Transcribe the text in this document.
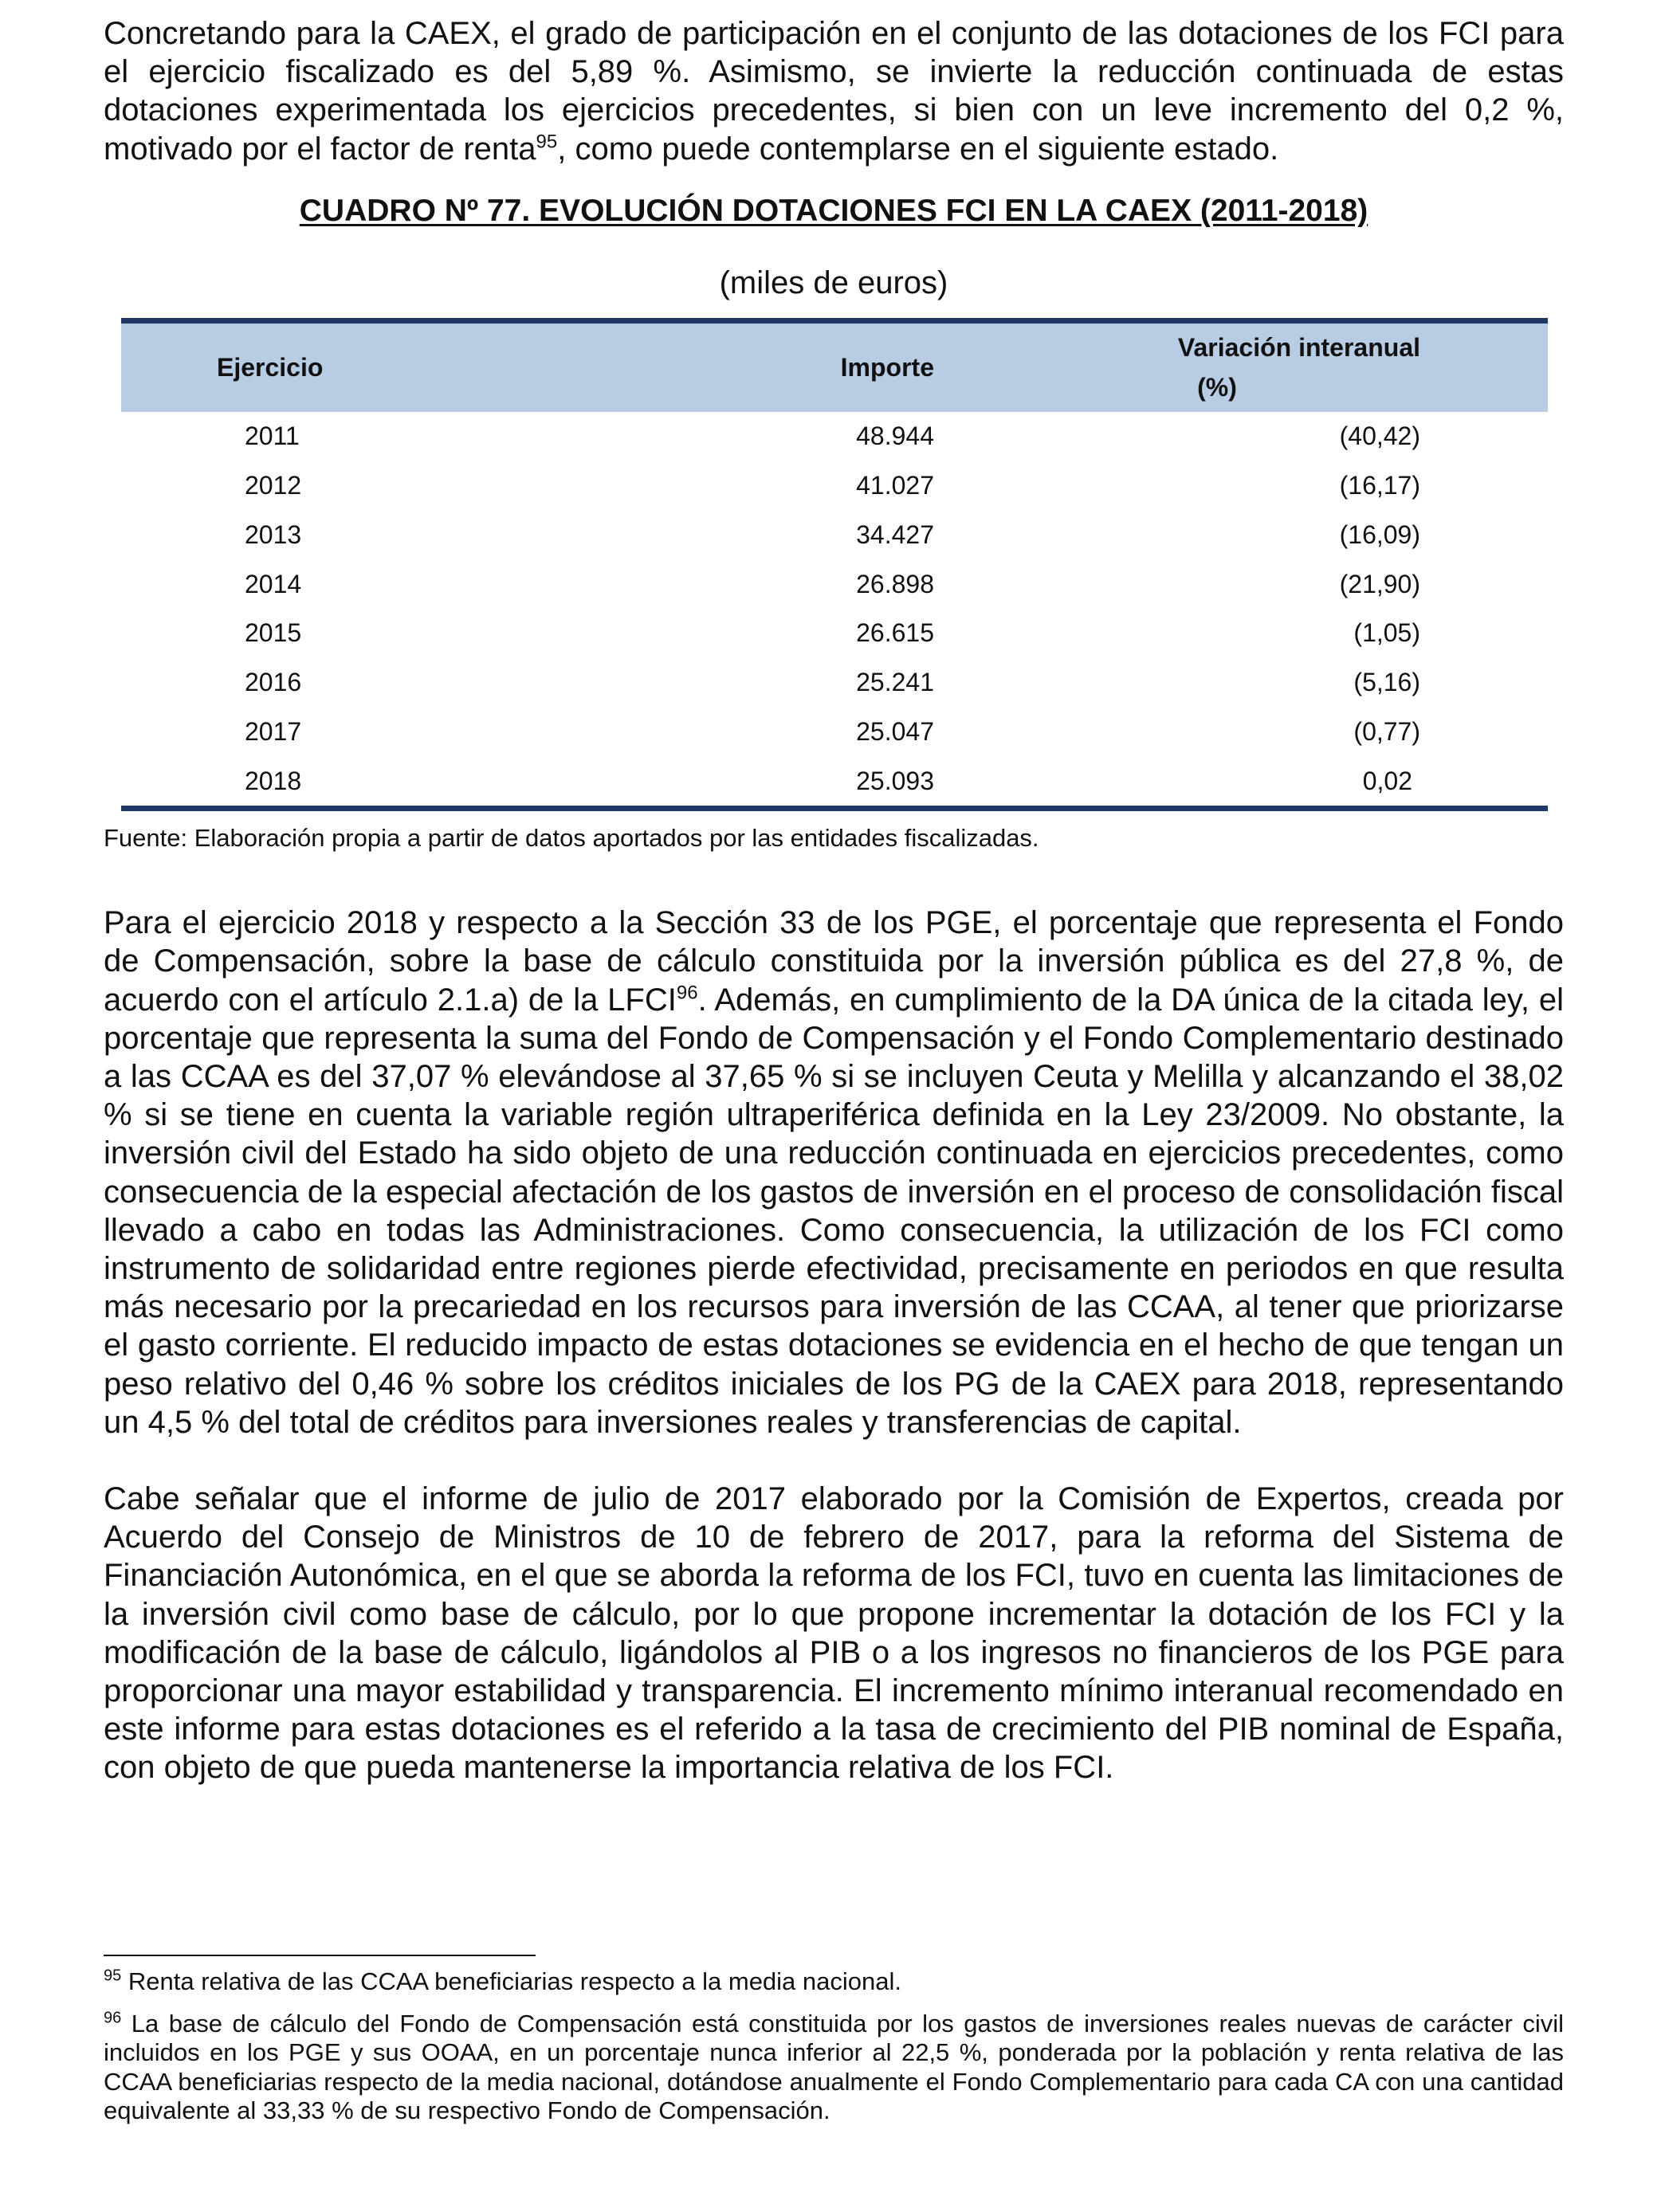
Concretando para la CAEX, el grado de participación en el conjunto de las dotaciones de los FCI para el ejercicio fiscalizado es del 5,89 %. Asimismo, se invierte la reducción continuada de estas dotaciones experimentada los ejercicios precedentes, si bien con un leve incremento del 0,2 %, motivado por el factor de renta$^{95}$, como puede contemplarse en el siguiente estado.

CUADRO Nº 77. EVOLUCIÓN DOTACIONES FCI EN LA CAEX (2011-2018)

(miles de euros)

Ejercicio	Importe	Variación interanual
(%)

2011	48.944	(40,42)
2012	41.027	(16,17)
2013	34.427	(16,09)
2014	26.898	(21,90)
2015	26.615	(1,05)
2016	25.241	(5,16)
2017	25.047	(0,77)
2018	25.093	0,02

Fuente: Elaboración propia a partir de datos aportados por las entidades fiscalizadas.

Para el ejercicio 2018 y respecto a la Sección 33 de los PGE, el porcentaje que representa el Fondo de Compensación, sobre la base de cálculo constituida por la inversión pública es del 27,8 %, de acuerdo con el artículo 2.1.a) de la LFCI$^{96}$. Además, en cumplimiento de la DA única de la citada ley, el porcentaje que representa la suma del Fondo de Compensación y el Fondo Complementario destinado a las CCAA es del 37,07 % elevándose al 37,65 % si se incluyen Ceuta y Melilla y alcanzando el 38,02 % si se tiene en cuenta la variable región ultraperiférica definida en la Ley 23/2009. No obstante, la inversión civil del Estado ha sido objeto de una reducción continuada en ejercicios precedentes, como consecuencia de la especial afectación de los gastos de inversión en el proceso de consolidación fiscal llevado a cabo en todas las Administraciones. Como consecuencia, la utilización de los FCI como instrumento de solidaridad entre regiones pierde efectividad, precisamente en periodos en que resulta más necesario por la precariedad en los recursos para inversión de las CCAA, al tener que priorizarse el gasto corriente. El reducido impacto de estas dotaciones se evidencia en el hecho de que tengan un peso relativo del 0,46 % sobre los créditos iniciales de los PG de la CAEX para 2018, representando un 4,5 % del total de créditos para inversiones reales y transferencias de capital.

Cabe señalar que el informe de julio de 2017 elaborado por la Comisión de Expertos, creada por Acuerdo del Consejo de Ministros de 10 de febrero de 2017, para la reforma del Sistema de Financiación Autonómica, en el que se aborda la reforma de los FCI, tuvo en cuenta las limitaciones de la inversión civil como base de cálculo, por lo que propone incrementar la dotación de los FCI y la modificación de la base de cálculo, ligándolos al PIB o a los ingresos no financieros de los PGE para proporcionar una mayor estabilidad y transparencia. El incremento mínimo interanual recomendado en este informe para estas dotaciones es el referido a la tasa de crecimiento del PIB nominal de España, con objeto de que pueda mantenerse la importancia relativa de los FCI.

$^{95}$ Renta relativa de las CCAA beneficiarias respecto a la media nacional.

$^{96}$ La base de cálculo del Fondo de Compensación está constituida por los gastos de inversiones reales nuevas de carácter civil incluidos en los PGE y sus OOAA, en un porcentaje nunca inferior al 22,5 %, ponderada por la población y renta relativa de las CCAA beneficiarias respecto de la media nacional, dotándose anualmente el Fondo Complementario para cada CA con una cantidad equivalente al 33,33 % de su respectivo Fondo de Compensación.
